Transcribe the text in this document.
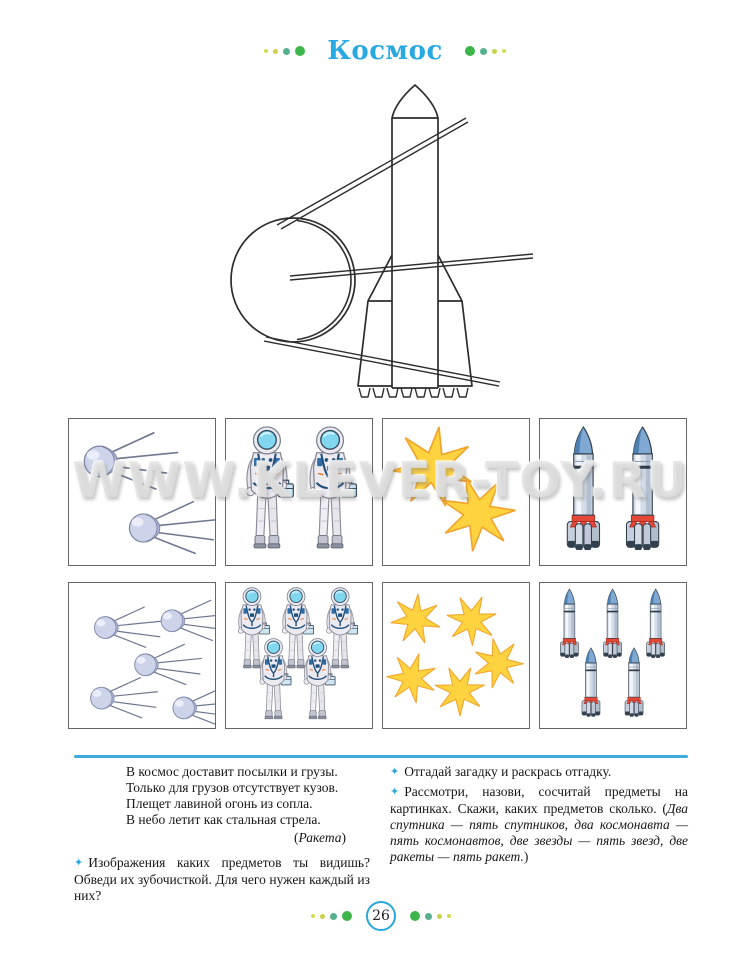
Космос
WWW.KLEVER-TOY.RU
В космос доставит посылки и грузы.
Только для грузов отсутствует кузов.
Плещет лавиной огонь из сопла.
В небо летит как стальная стрела.
(Ракета)

✦ Изображения каких предметов ты видишь? Обведи их зубочисткой. Для чего нужен каждый из них?

✦ Отгадай загадку и раскрась отгадку.

✦ Рассмотри, назови, сосчитай предметы на картинках. Скажи, каких предметов сколько. (Два спутника — пять спутников, два космонавта — пять космонавтов, две звезды — пять звезд, две ракеты — пять ракет.)

26
